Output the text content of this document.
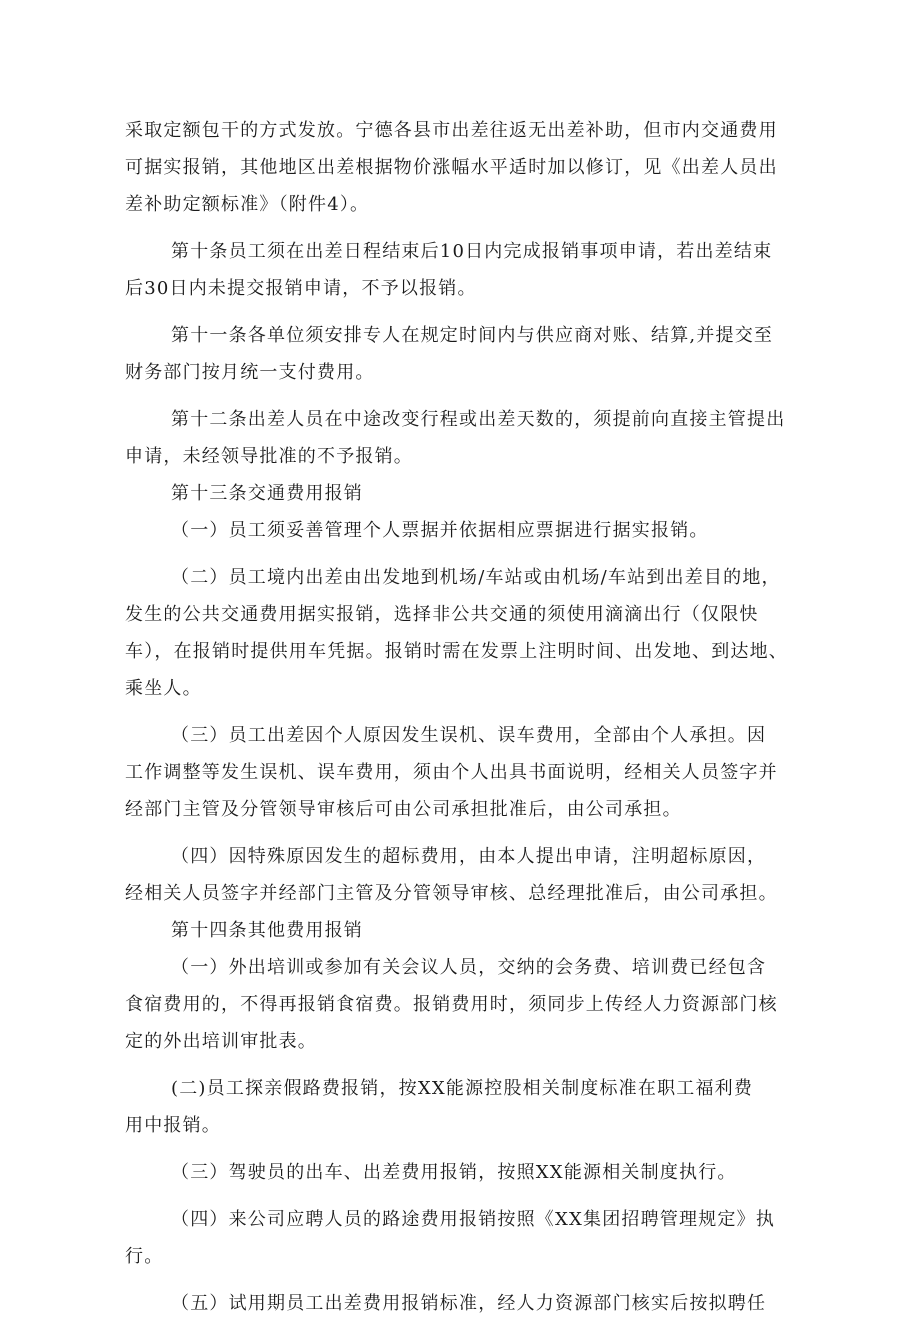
采取定额包干的方式发放。宁德各县市出差往返无出差补助，但市内交通费用
可据实报销，其他地区出差根据物价涨幅水平适时加以修订，见《出差人员出
差补助定额标准》（附件4）。
第十条员工须在出差日程结束后10日内完成报销事项申请，若出差结束
后30日内未提交报销申请，不予以报销。
第十一条各单位须安排专人在规定时间内与供应商对账、结算,并提交至
财务部门按月统一支付费用。
第十二条出差人员在中途改变行程或出差天数的，须提前向直接主管提出
申请，未经领导批准的不予报销。
第十三条交通费用报销
（一）员工须妥善管理个人票据并依据相应票据进行据实报销。
（二）员工境内出差由出发地到机场/车站或由机场/车站到出差目的地，
发生的公共交通费用据实报销，选择非公共交通的须使用滴滴出行（仅限快
车），在报销时提供用车凭据。报销时需在发票上注明时间、出发地、到达地、
乘坐人。
（三）员工出差因个人原因发生误机、误车费用，全部由个人承担。因
工作调整等发生误机、误车费用，须由个人出具书面说明，经相关人员签字并
经部门主管及分管领导审核后可由公司承担批准后，由公司承担。
（四）因特殊原因发生的超标费用，由本人提出申请，注明超标原因，
经相关人员签字并经部门主管及分管领导审核、总经理批准后，由公司承担。
第十四条其他费用报销
（一）外出培训或参加有关会议人员，交纳的会务费、培训费已经包含
食宿费用的，不得再报销食宿费。报销费用时，须同步上传经人力资源部门核
定的外出培训审批表。
(二)员工探亲假路费报销，按XX能源控股相关制度标准在职工福利费
用中报销。
（三）驾驶员的出车、出差费用报销，按照XX能源相关制度执行。
（四）来公司应聘人员的路途费用报销按照《XX集团招聘管理规定》执
行。
（五）试用期员工出差费用报销标准，经人力资源部门核实后按拟聘任
